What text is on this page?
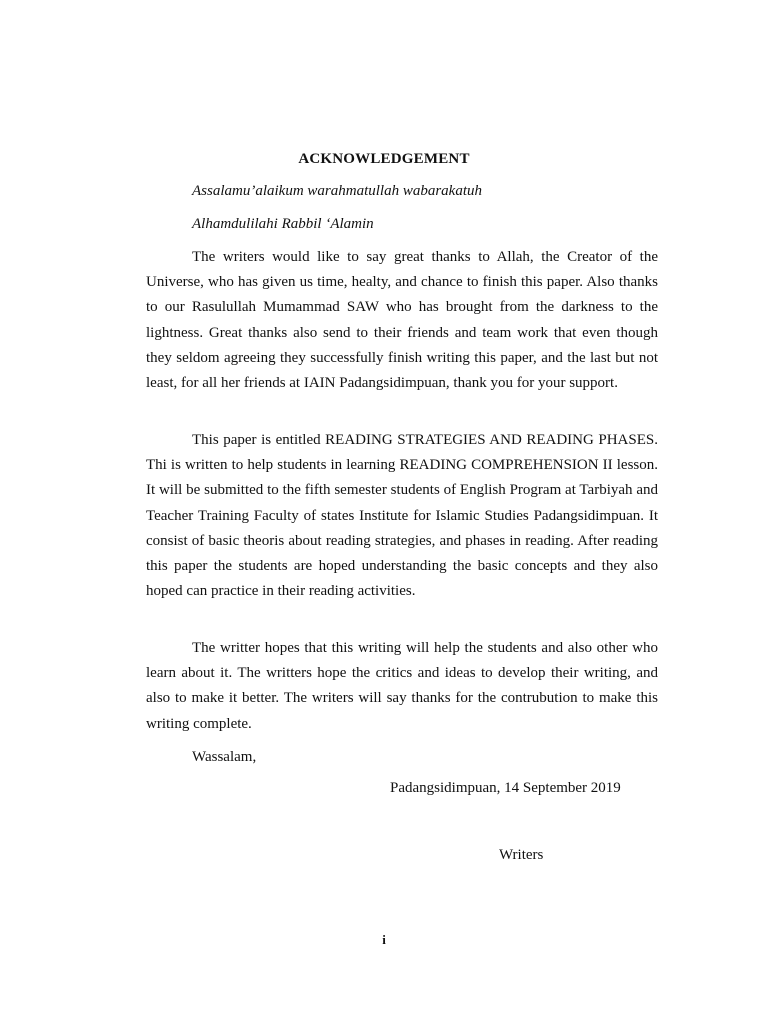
ACKNOWLEDGEMENT
Assalamu’alaikum warahmatullah wabarakatuh
Alhamdulilahi Rabbil ‘Alamin

The writers would like to say great thanks to Allah, the Creator of the Universe, who has given us time, healty, and chance to finish this paper. Also thanks to our Rasulullah Mumammad SAW who has brought from the darkness to the lightness. Great thanks also send to their friends and team work that even though they seldom agreeing they successfully finish writing this paper, and the last but not least, for all her friends at IAIN Padangsidimpuan, thank you for your support.

This paper is entitled READING STRATEGIES AND READING PHASES. Thi is written to help students in learning READING COMPREHENSION II lesson. It will be submitted to the fifth semester students of English Program at Tarbiyah and Teacher Training Faculty of states Institute for Islamic Studies Padangsidimpuan. It consist of basic theoris about reading strategies, and phases in reading. After reading this paper the students are hoped understanding the basic concepts and they also hoped can practice in their reading activities.

The writter hopes that this writing will help the students and also other who learn about it. The writters hope the critics and ideas to develop their writing, and also to make it better. The writers will say thanks for the contrubution to make this writing complete.

Wassalam,
Padangsidimpuan, 14 September 2019
Writers
i
